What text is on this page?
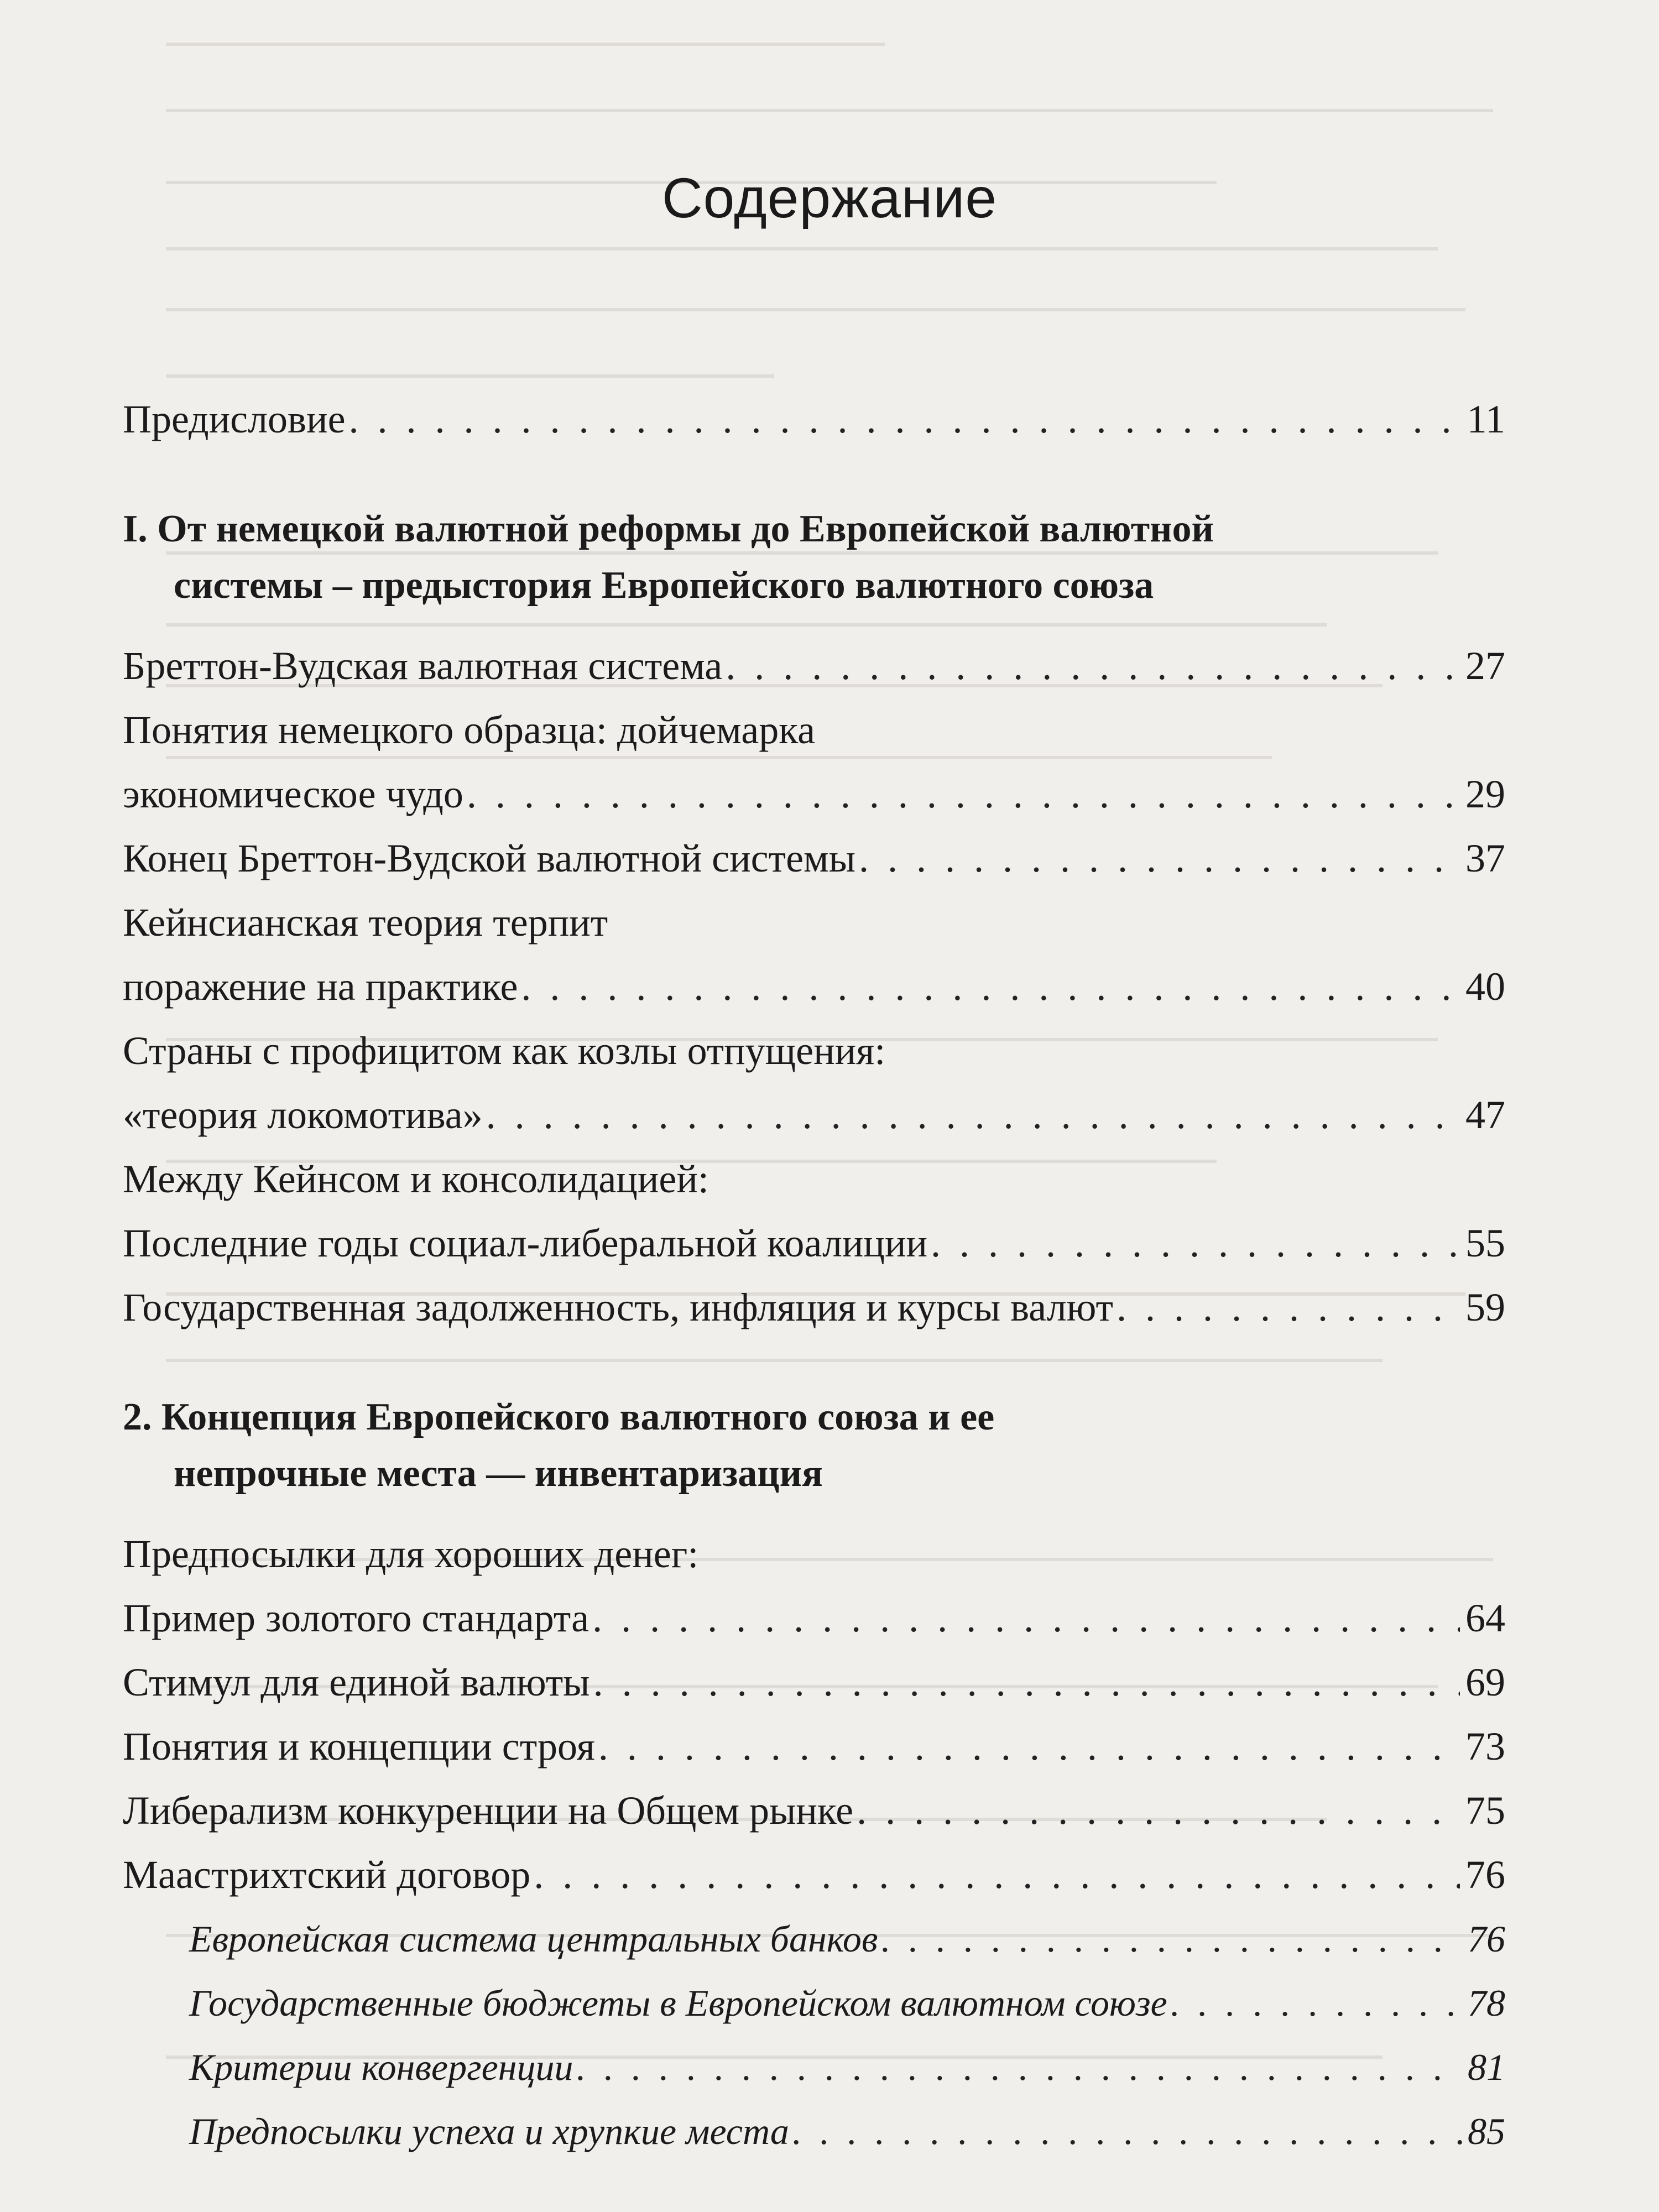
Содержание
Предисловие . . .	11
I. От немецкой валютной реформы до Европейской валютной
системы – предыстория Европейского валютного союза
Бреттон-Вудская валютная система . . .	27
Понятия немецкого образца: дойчемарка
экономическое чудо . . .	29
Конец Бреттон-Вудской валютной системы . . .	37
Кейнсианская теория терпит
поражение на практике . . .	40
Страны с профицитом как козлы отпущения:
«теория локомотива» . . .	47
Между Кейнсом и консолидацией:
Последние годы социал-либеральной коалиции . . .	55
Государственная задолженность, инфляция и курсы валют . . .	59
2. Концепция Европейского валютного союза и ее
непрочные места — инвентаризация
Предпосылки для хороших денег:
Пример золотого стандарта . . .	64
Стимул для единой валюты . . .	69
Понятия и концепции строя . . .	73
Либерализм конкуренции на Общем рынке . . .	75
Маастрихтский договор . . .	76
Европейская система центральных банков . . .	76
Государственные бюджеты в Европейском валютном союзе . . .	78
Критерии конвергенции . . .	81
Предпосылки успеха и хрупкие места . . .	85
